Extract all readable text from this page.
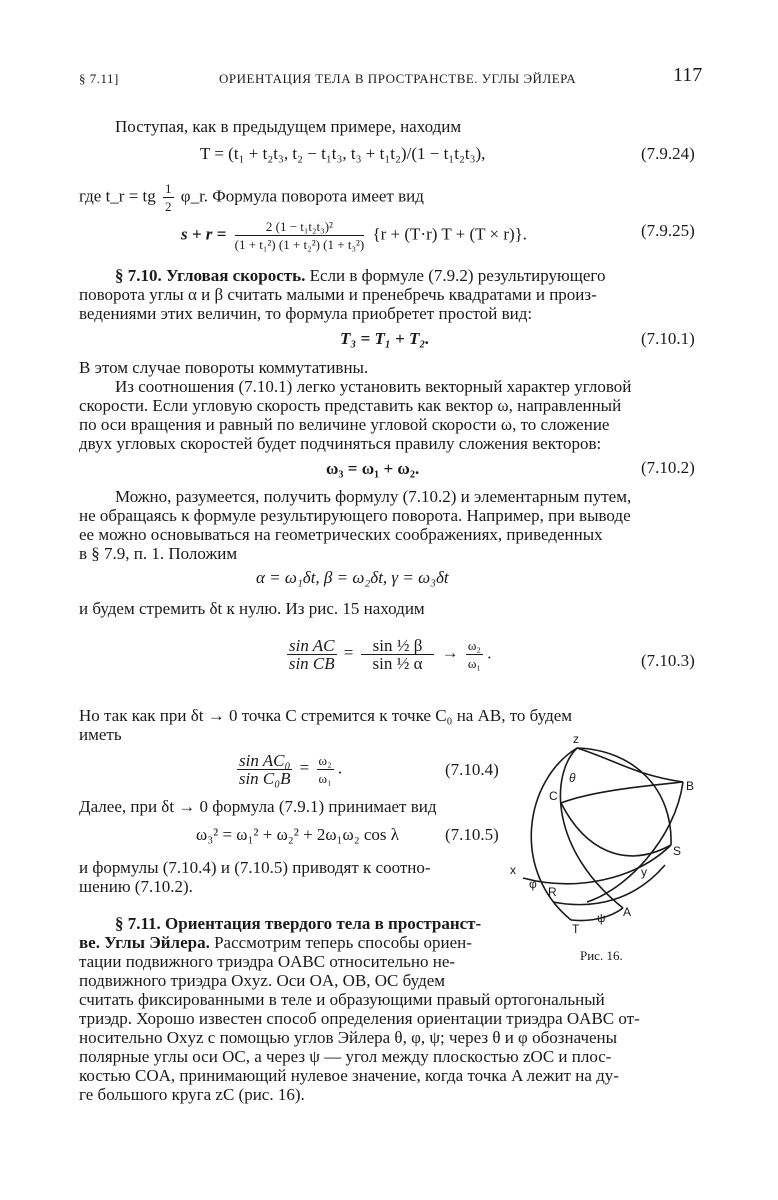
§ 7.11]	ОРИЕНТАЦИЯ ТЕЛА В ПРОСТРАНСТВЕ. УГЛЫ ЭЙЛЕРА	117
Поступая, как в предыдущем примере, находим
T = (t₁ + t₂t₃, t₂ − t₁t₃, t₃ + t₁t₂)/(1 − t₁t₂t₃),	(7.9.24)
где t_r = tg $\frac{1}{2}$ φ_r. Формула поворота имеет вид
$s + r = \frac{\text{2 (1 − t₁t₂t₃)²}}{\text{(1 + t₁²) (1 + t₂²) (1 + t₃²)}} \{r + (T\cdot r) T + (T \times r)\}$.	(7.9.25)
§ 7.10. Угловая скорость. Если в формуле (7.9.2) результирующего
поворота углы α и β считать малыми и пренебречь квадратами и произ-
ведениями этих величин, то формула приобретет простой вид:
T₃ = T₁ + T₂.	(7.10.1)
В этом случае повороты коммутативны.
Из соотношения (7.10.1) легко установить векторный характер угловой
скорости. Если угловую скорость представить как вектор ω, направленный
по оси вращения и равный по величине угловой скорости ω, то сложение
двух угловых скоростей будет подчиняться правилу сложения векторов:
ω₃ = ω₁ + ω₂.	(7.10.2)
Можно, разумеется, получить формулу (7.10.2) и элементарным путем,
не обращаясь к формуле результирующего поворота. Например, при выводе
ее можно основываться на геометрических соображениях, приведенных
в § 7.9, п. 1. Положим
α = ω₁δt, β = ω₂δt, γ = ω₃δt
и будем стремить δt к нулю. Из рис. 15 находим
$\frac{\text{sin AC}}{\text{sin CB}} = \frac{\text{sin ½ β}}{\text{sin ½ α}} \to \frac{\text{ω₂}}{\text{ω₁}}$ .	(7.10.3)
Но так как при δt → 0 точка C стремится к точке C₀ на AB, то будем
иметь
$\frac{\text{sin AC₀}}{\text{sin C₀B}} = \frac{\text{ω₂}}{\text{ω₁}}$ .	(7.10.4)
Далее, при δt → 0 формула (7.9.1) принимает вид
ω₃² = ω₁² + ω₂² + 2ω₁ω₂ cos λ	(7.10.5)
и формулы (7.10.4) и (7.10.5) приводят к соотно-
шению (7.10.2).
§ 7.11. Ориентация твердого тела в пространст-
ве. Углы Эйлера. Рассмотрим теперь способы ориен-
тации подвижного триэдра OABC относительно не-
подвижного триэдра Oxyz. Оси OA, OB, OC будем
считать фиксированными в теле и образующими правый ортогональный
триэдр. Хорошо известен способ определения ориентации триэдра OABC от-
носительно Oxyz с помощью углов Эйлера θ, φ, ψ; через θ и φ обозначены
полярные углы оси OC, а через ψ — угол между плоскостью zOC и плос-
костью COA, принимающий нулевое значение, когда точка A лежит на ду-
ге большого круга zC (рис. 16).
z
B
C
θ
S
x
φ
R
y
A
T
ψ
Рис. 16.
